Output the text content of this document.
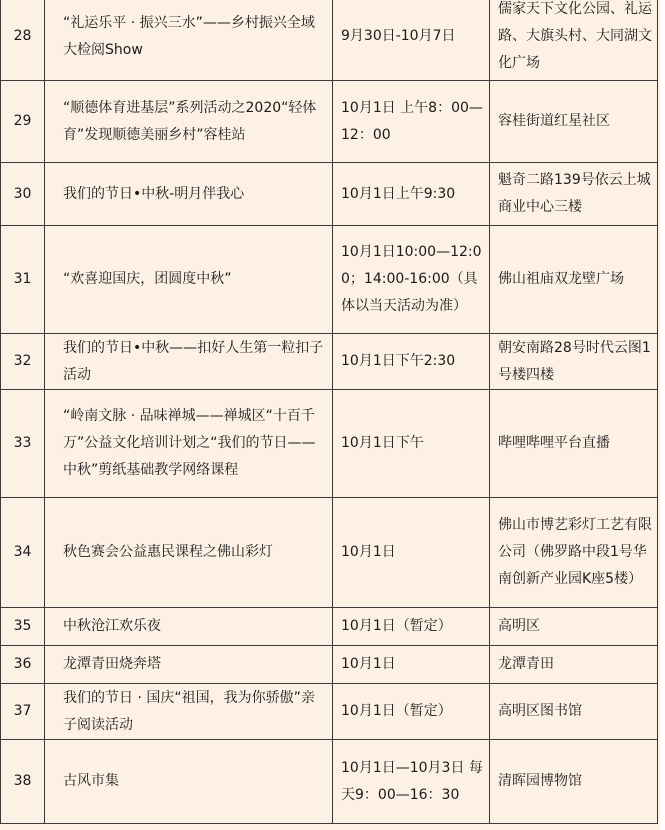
28	“礼运乐平 · 振兴三水”——乡村振兴全域大检阅Show	9月30日-10月7日	儒家天下文化公园、礼运路、大旗头村、大同湖文化广场
29	“顺德体育进基层”系列活动之2020“轻体育”发现顺德美丽乡村”容桂站	10月1日 上午8：00—12：00	容桂街道红星社区
30	我们的节日•中秋-明月伴我心	10月1日上午9:30	魁奇二路139号依云上城商业中心三楼
31	“欢喜迎国庆，团圆度中秋”	10月1日10:00—12:00；14:00-16:00（具体以当天活动为准）	佛山祖庙双龙壁广场
32	我们的节日•中秋——扣好人生第一粒扣子活动	10月1日下午2:30	朝安南路28号时代云图1号楼四楼
33	“岭南文脉 · 品味禅城——禅城区“十百千万”公益文化培训计划之“我们的节日——中秋”剪纸基础教学网络课程	10月1日下午	哔哩哔哩平台直播
34	秋色赛会公益惠民课程之佛山彩灯	10月1日	佛山市博艺彩灯工艺有限公司（佛罗路中段1号华南创新产业园K座5楼）
35	中秋沧江欢乐夜	10月1日（暂定）	高明区
36	龙潭青田烧奔塔	10月1日	龙潭青田
37	我们的节日 · 国庆“祖国，我为你骄傲”亲子阅读活动	10月1日（暂定）	高明区图书馆
38	古风市集	10月1日—10月3日 每天9：00—16：30	清晖园博物馆
